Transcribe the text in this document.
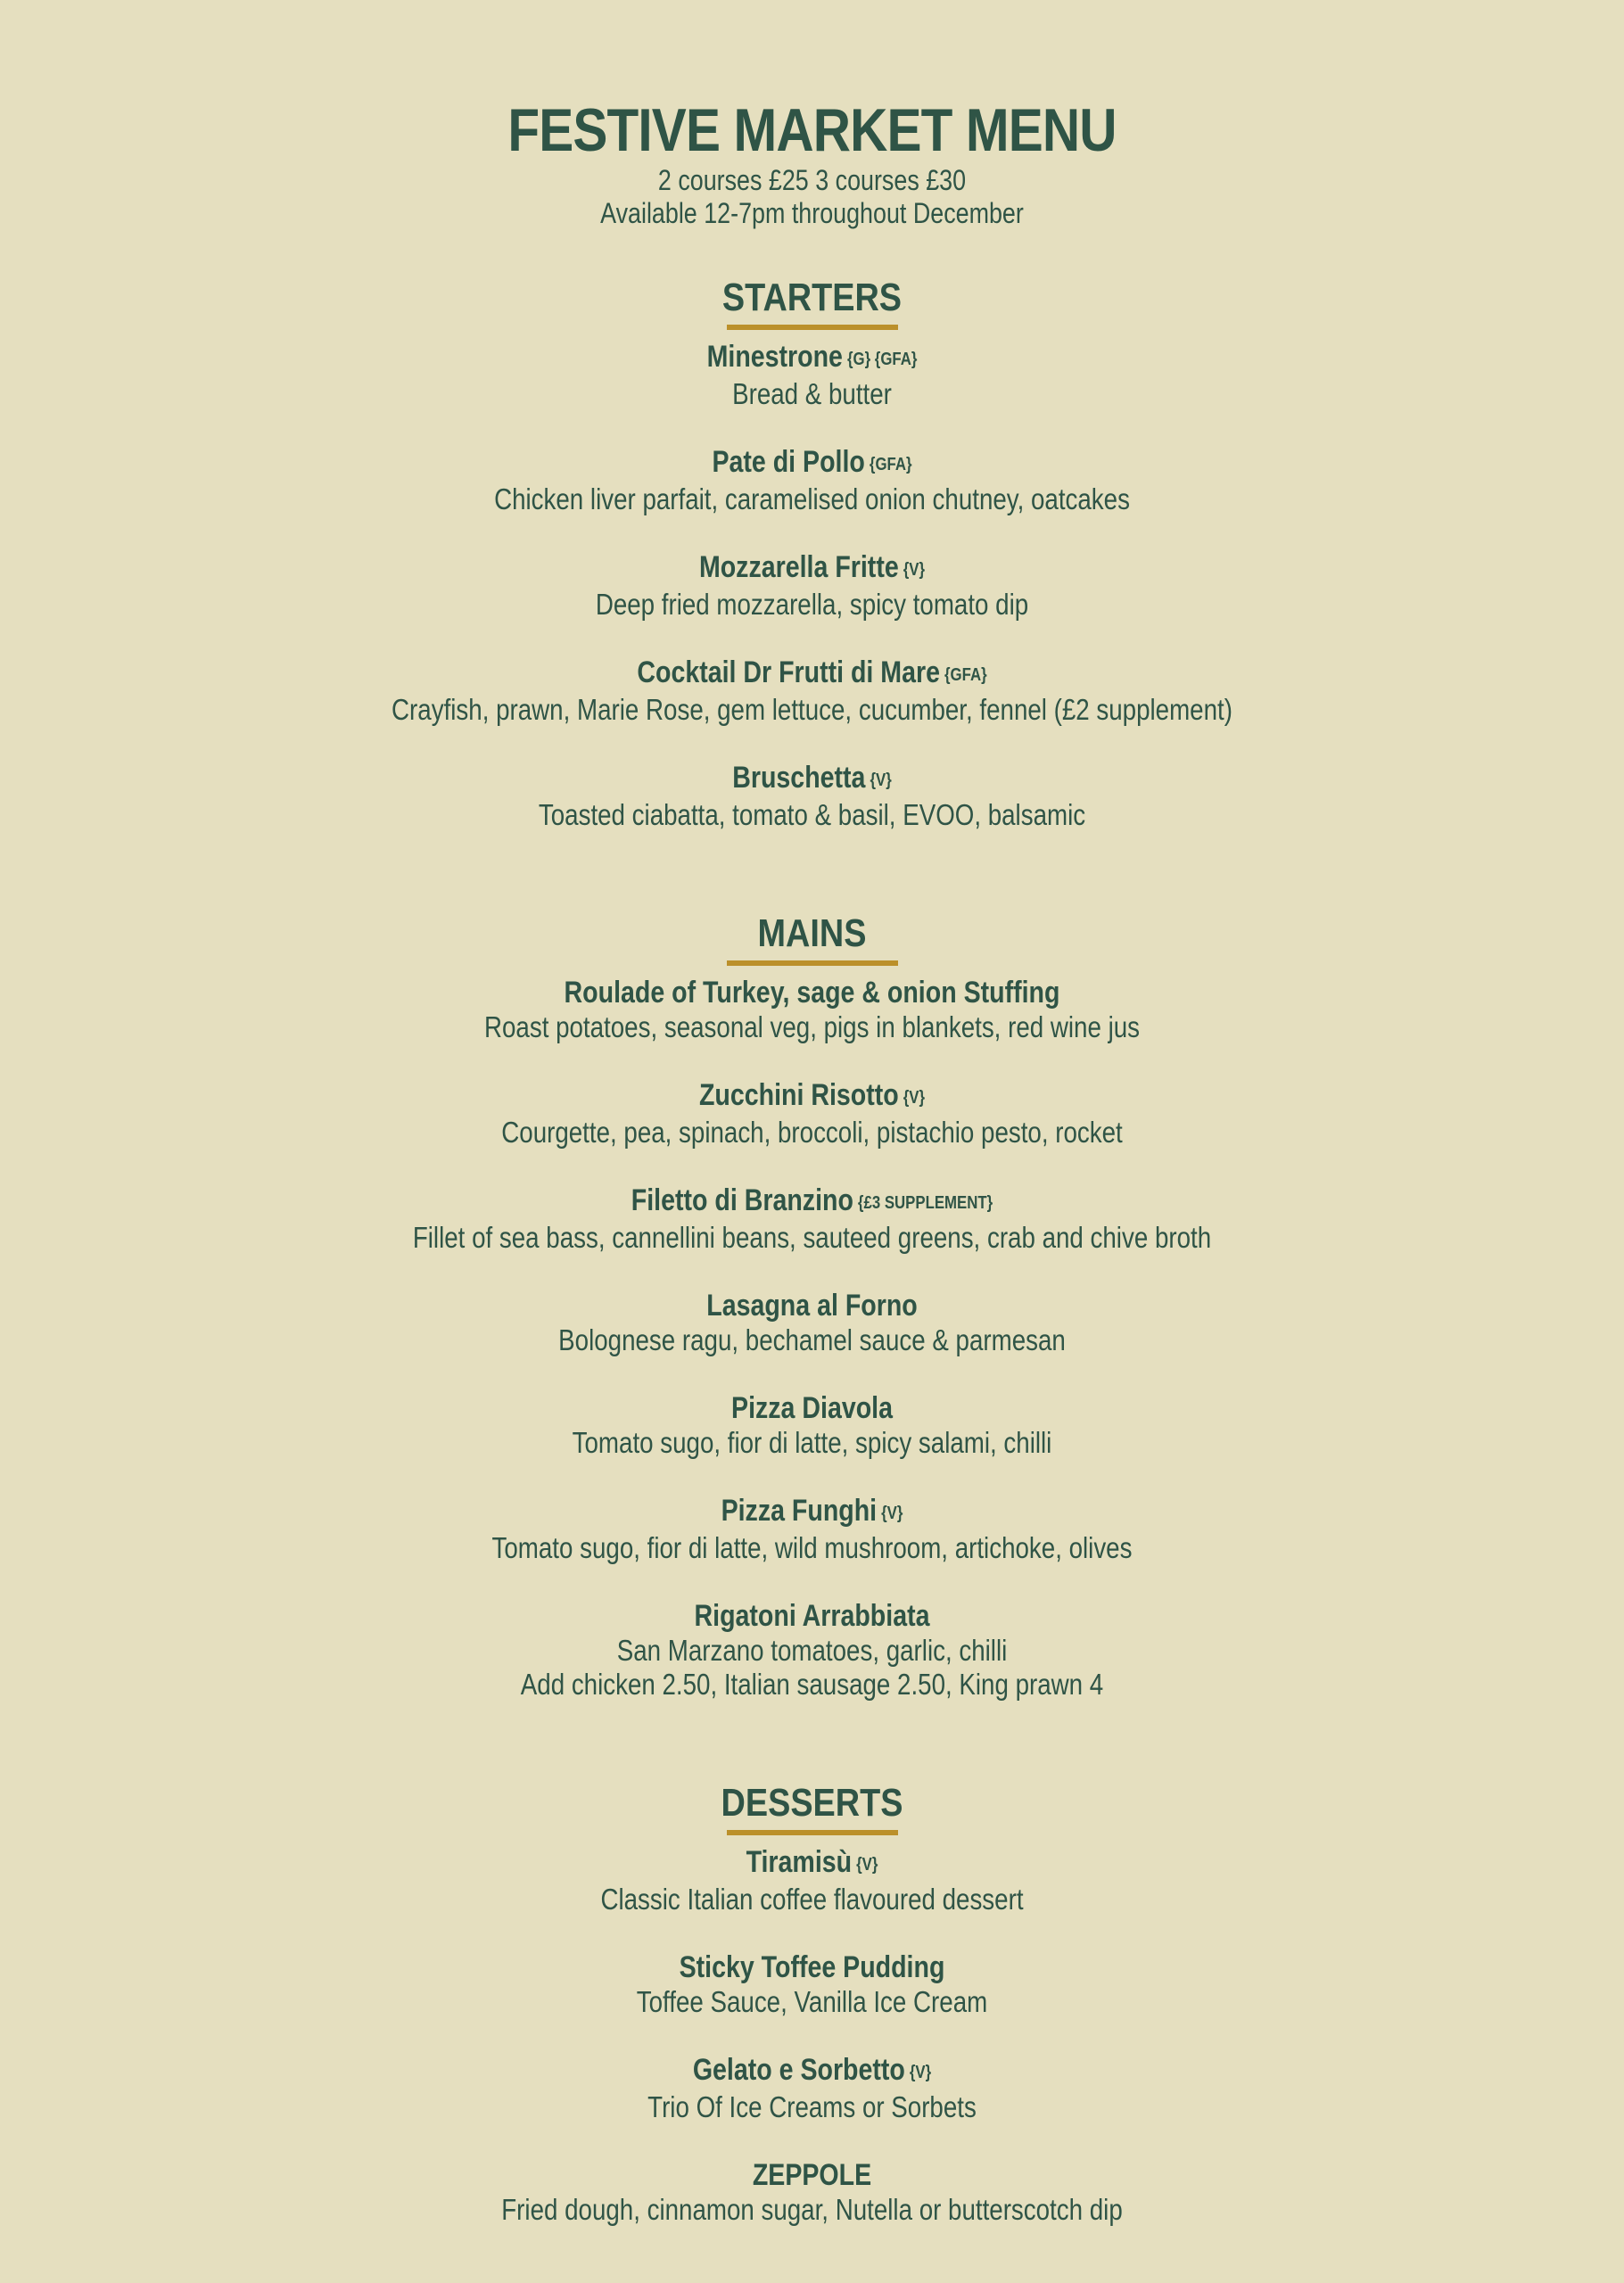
FESTIVE MARKET MENU

2 courses £25 3 courses £30

Available 12-7pm throughout December

STARTERS
Minestrone {G} {GFA}
Bread & butter
Pate di Pollo {GFA}
Chicken liver parfait, caramelised onion chutney, oatcakes
Mozzarella Fritte {V}
Deep fried mozzarella, spicy tomato dip
Cocktail Dr Frutti di Mare {GFA}
Crayfish, prawn, Marie Rose, gem lettuce, cucumber, fennel (£2 supplement)
Bruschetta {V}
Toasted ciabatta, tomato & basil, EVOO, balsamic
MAINS
Roulade of Turkey, sage & onion Stuffing
Roast potatoes, seasonal veg, pigs in blankets, red wine jus
Zucchini Risotto {V}
Courgette, pea, spinach, broccoli, pistachio pesto, rocket
Filetto di Branzino {£3 SUPPLEMENT}
Fillet of sea bass, cannellini beans, sauteed greens, crab and chive broth
Lasagna al Forno
Bolognese ragu, bechamel sauce & parmesan
Pizza Diavola
Tomato sugo, fior di latte, spicy salami, chilli
Pizza Funghi {V}
Tomato sugo, fior di latte, wild mushroom, artichoke, olives
Rigatoni Arrabbiata
San Marzano tomatoes, garlic, chilli
Add chicken 2.50, Italian sausage 2.50, King prawn 4
DESSERTS
Tiramisù {V}
Classic Italian coffee flavoured dessert
Sticky Toffee Pudding
Toffee Sauce, Vanilla Ice Cream
Gelato e Sorbetto {V}
Trio Of Ice Creams or Sorbets
ZEPPOLE
Fried dough, cinnamon sugar, Nutella or butterscotch dip
